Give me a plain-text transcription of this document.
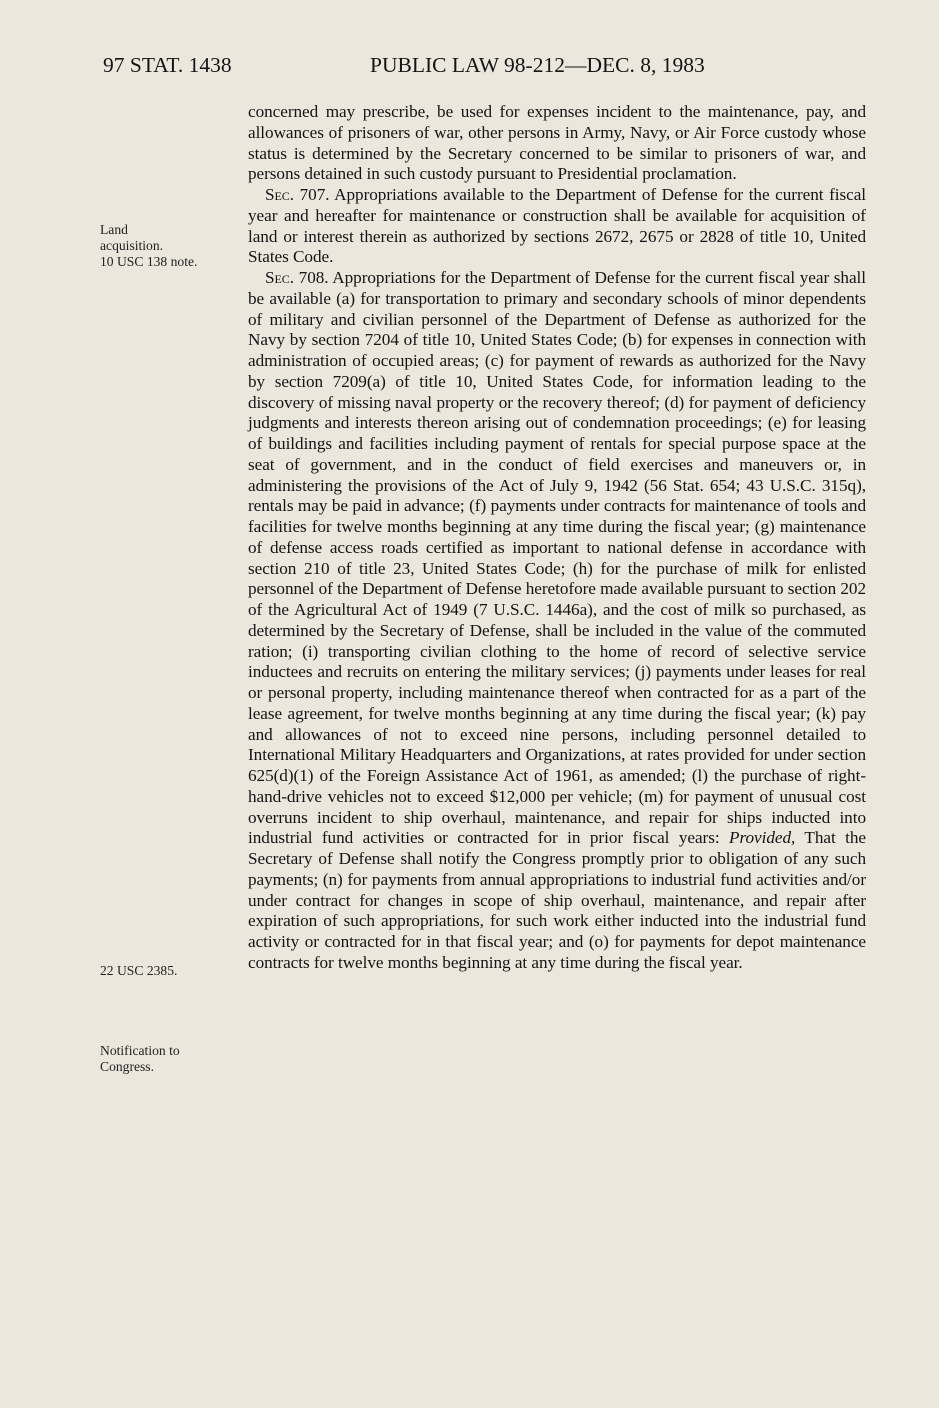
97 STAT. 1438	PUBLIC LAW 98-212—DEC. 8, 1983
Land
acquisition.
10 USC 138 note.
22 USC 2385.
Notification to
Congress.

concerned may prescribe, be used for expenses incident to the maintenance, pay, and allowances of prisoners of war, other persons in Army, Navy, or Air Force custody whose status is determined by the Secretary concerned to be similar to prisoners of war, and persons detained in such custody pursuant to Presidential proclamation.

Sec. 707. Appropriations available to the Department of Defense for the current fiscal year and hereafter for maintenance or construction shall be available for acquisition of land or interest therein as authorized by sections 2672, 2675 or 2828 of title 10, United States Code.

Sec. 708. Appropriations for the Department of Defense for the current fiscal year shall be available (a) for transportation to primary and secondary schools of minor dependents of military and civilian personnel of the Department of Defense as authorized for the Navy by section 7204 of title 10, United States Code; (b) for expenses in connection with administration of occupied areas; (c) for payment of rewards as authorized for the Navy by section 7209(a) of title 10, United States Code, for information leading to the discovery of missing naval property or the recovery thereof; (d) for payment of deficiency judgments and interests thereon arising out of condemnation proceedings; (e) for leasing of buildings and facilities including payment of rentals for special purpose space at the seat of government, and in the conduct of field exercises and maneuvers or, in administering the provisions of the Act of July 9, 1942 (56 Stat. 654; 43 U.S.C. 315q), rentals may be paid in advance; (f) payments under contracts for maintenance of tools and facilities for twelve months beginning at any time during the fiscal year; (g) maintenance of defense access roads certified as important to national defense in accordance with section 210 of title 23, United States Code; (h) for the purchase of milk for enlisted personnel of the Department of Defense heretofore made available pursuant to section 202 of the Agricultural Act of 1949 (7 U.S.C. 1446a), and the cost of milk so purchased, as determined by the Secretary of Defense, shall be included in the value of the commuted ration; (i) transporting civilian clothing to the home of record of selective service inductees and recruits on entering the military services; (j) payments under leases for real or personal property, including maintenance thereof when contracted for as a part of the lease agreement, for twelve months beginning at any time during the fiscal year; (k) pay and allowances of not to exceed nine persons, including personnel detailed to International Military Headquarters and Organizations, at rates provided for under section 625(d)(1) of the Foreign Assistance Act of 1961, as amended; (l) the purchase of right-hand-drive vehicles not to exceed $12,000 per vehicle; (m) for payment of unusual cost overruns incident to ship overhaul, maintenance, and repair for ships inducted into industrial fund activities or contracted for in prior fiscal years: Provided, That the Secretary of Defense shall notify the Congress promptly prior to obligation of any such payments; (n) for payments from annual appropriations to industrial fund activities and/or under contract for changes in scope of ship overhaul, maintenance, and repair after expiration of such appropriations, for such work either inducted into the industrial fund activity or contracted for in that fiscal year; and (o) for payments for depot maintenance contracts for twelve months beginning at any time during the fiscal year.
